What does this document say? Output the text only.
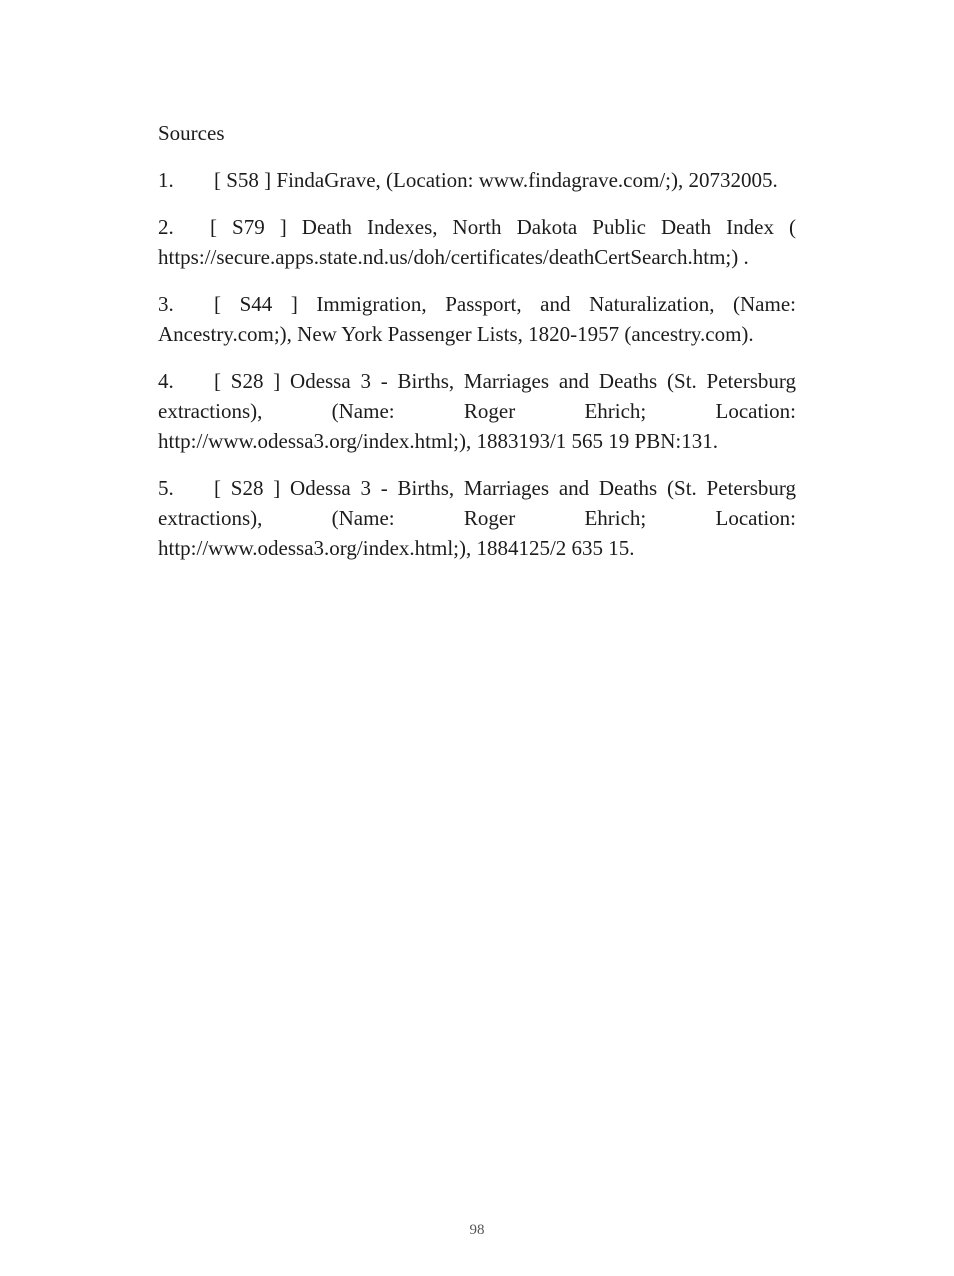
Sources
1. [ S58 ] FindaGrave, (Location: www.findagrave.com/;), 20732005.
2. [ S79 ] Death Indexes, North Dakota Public Death Index ( https://secure.apps.state.nd.us/doh/certificates/deathCertSearch.htm;) .
3. [ S44 ] Immigration, Passport, and Naturalization, (Name: Ancestry.com;), New York Passenger Lists, 1820-1957 (ancestry.com).
4. [ S28 ] Odessa 3 - Births, Marriages and Deaths (St. Petersburg extractions), (Name: Roger Ehrich; Location: http://www.odessa3.org/index.html;), 1883193/1 565 19 PBN:131.
5. [ S28 ] Odessa 3 - Births, Marriages and Deaths (St. Petersburg extractions), (Name: Roger Ehrich; Location: http://www.odessa3.org/index.html;), 1884125/2 635 15.
98
